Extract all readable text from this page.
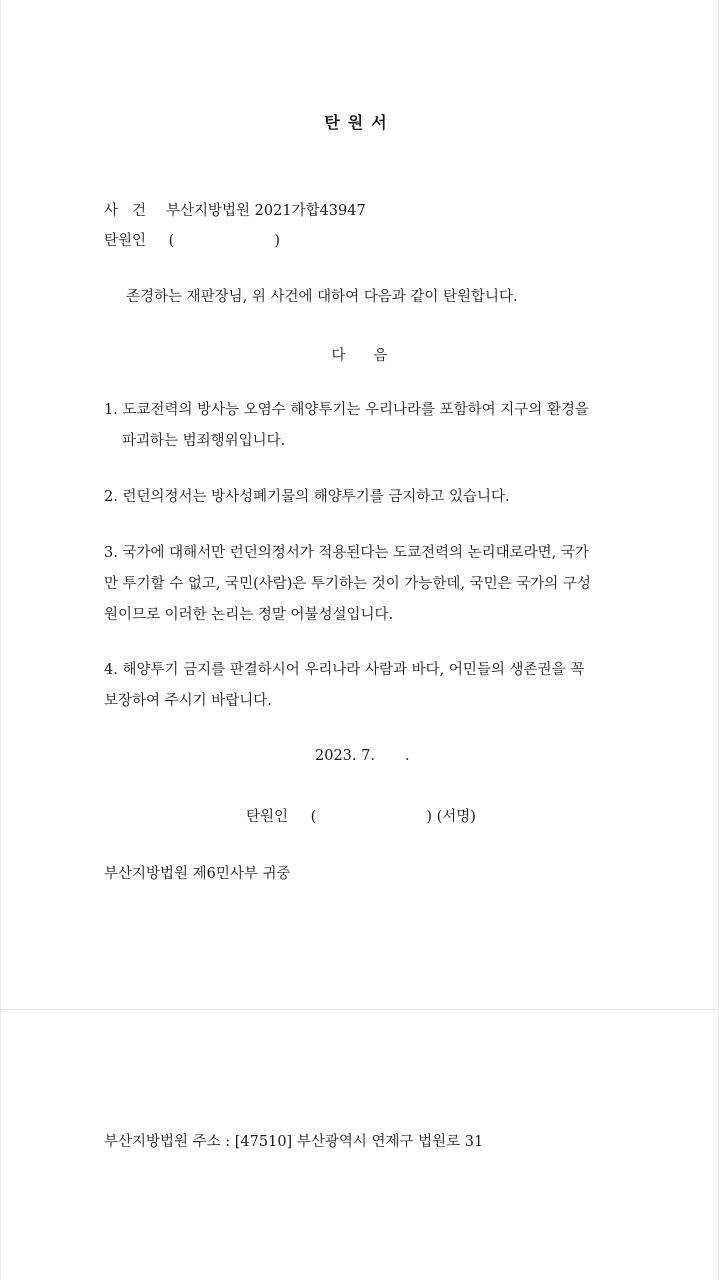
탄원서
사건 부산지방법원 2021가합43947
탄원인 (	)
존경하는 재판장님, 위 사건에 대하여 다음과 같이 탄원합니다.
다음
1. 도쿄전력의 방사능 오염수 해양투기는 우리나라를 포함하여 지구의 환경을
파괴하는 범죄행위입니다.
2. 런던의정서는 방사성폐기물의 해양투기를 금지하고 있습니다.
3. 국가에 대해서만 런던의정서가 적용된다는 도쿄전력의 논리대로라면, 국가
만 투기할 수 없고, 국민(사람)은 투기하는 것이 가능한데, 국민은 국가의 구성
원이므로 이러한 논리는 정말 어불성설입니다.
4. 해양투기 금지를 판결하시어 우리나라 사람과 바다, 어민들의 생존권을 꼭
보장하여 주시기 바랍니다.
2023. 7. .
탄원인 (	) (서명)
부산지방법원 제6민사부 귀중
부산지방법원 주소 : [47510] 부산광역시 연제구 법원로 31
